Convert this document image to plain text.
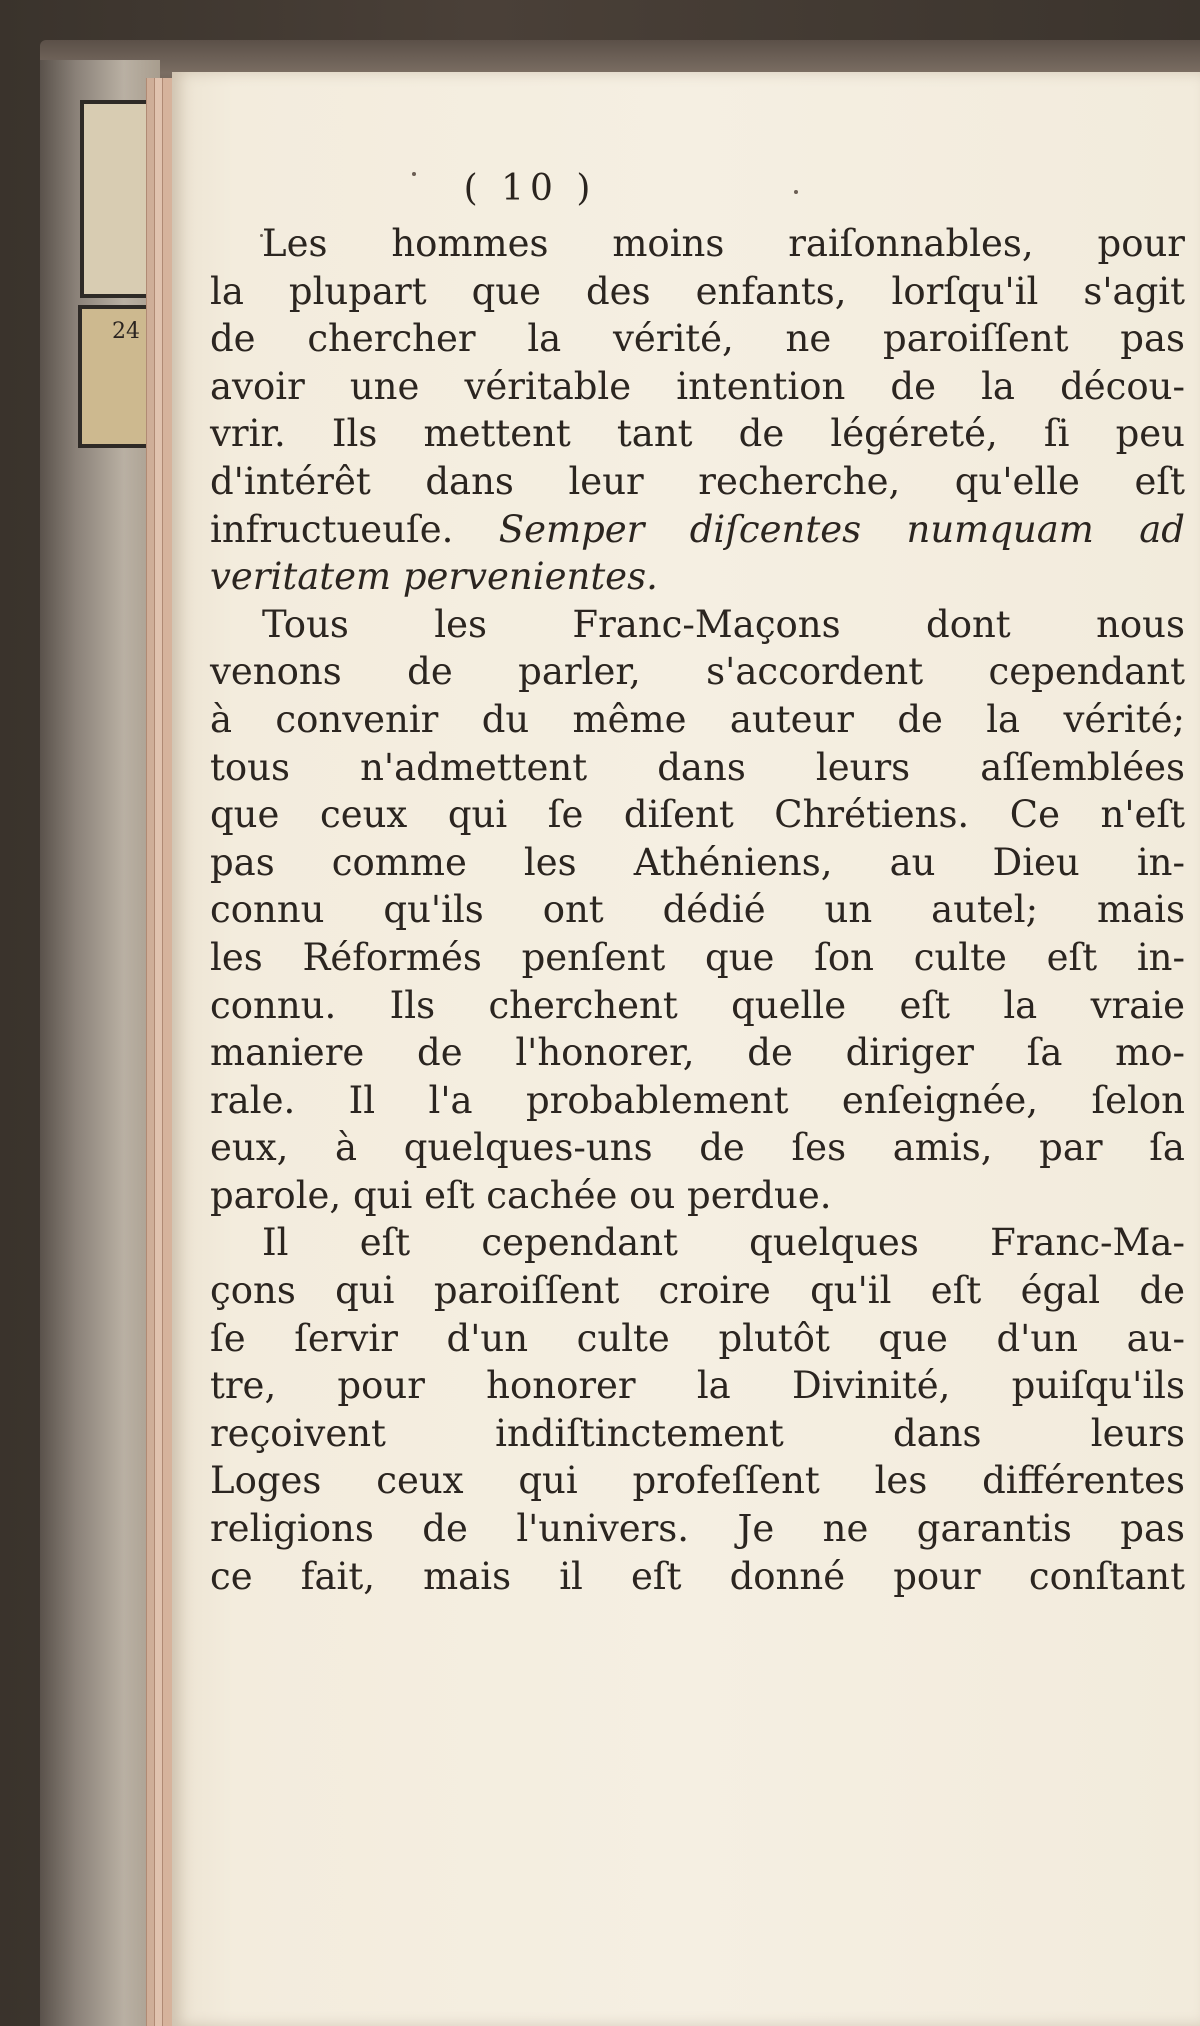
24
( 10 )
Les hommes moins raiſonnables, pour
la plupart que des enfants, lorſqu'il s'agit
de chercher la vérité, ne paroiſſent pas
avoir une véritable intention de la décou-
vrir. Ils mettent tant de légéreté, ſi peu
d'intérêt dans leur recherche, qu'elle eſt
infructueuſe. Semper diſcentes numquam ad
veritatem pervenientes.
Tous les Franc-Maçons dont nous
venons de parler, s'accordent cependant
à convenir du même auteur de la vérité;
tous n'admettent dans leurs aſſemblées
que ceux qui ſe diſent Chrétiens. Ce n'eſt
pas comme les Athéniens, au Dieu in-
connu qu'ils ont dédié un autel; mais
les Réformés penſent que ſon culte eſt in-
connu. Ils cherchent quelle eſt la vraie
maniere de l'honorer, de diriger ſa mo-
rale. Il l'a probablement enſeignée, ſelon
eux, à quelques-uns de ſes amis, par ſa
parole, qui eſt cachée ou perdue.
Il eſt cependant quelques Franc-Ma-
çons qui paroiſſent croire qu'il eſt égal de
ſe ſervir d'un culte plutôt que d'un au-
tre, pour honorer la Divinité, puiſqu'ils
reçoivent indiſtinctement dans leurs
Loges ceux qui profeſſent les différentes
religions de l'univers. Je ne garantis pas
ce fait, mais il eſt donné pour conſtant
